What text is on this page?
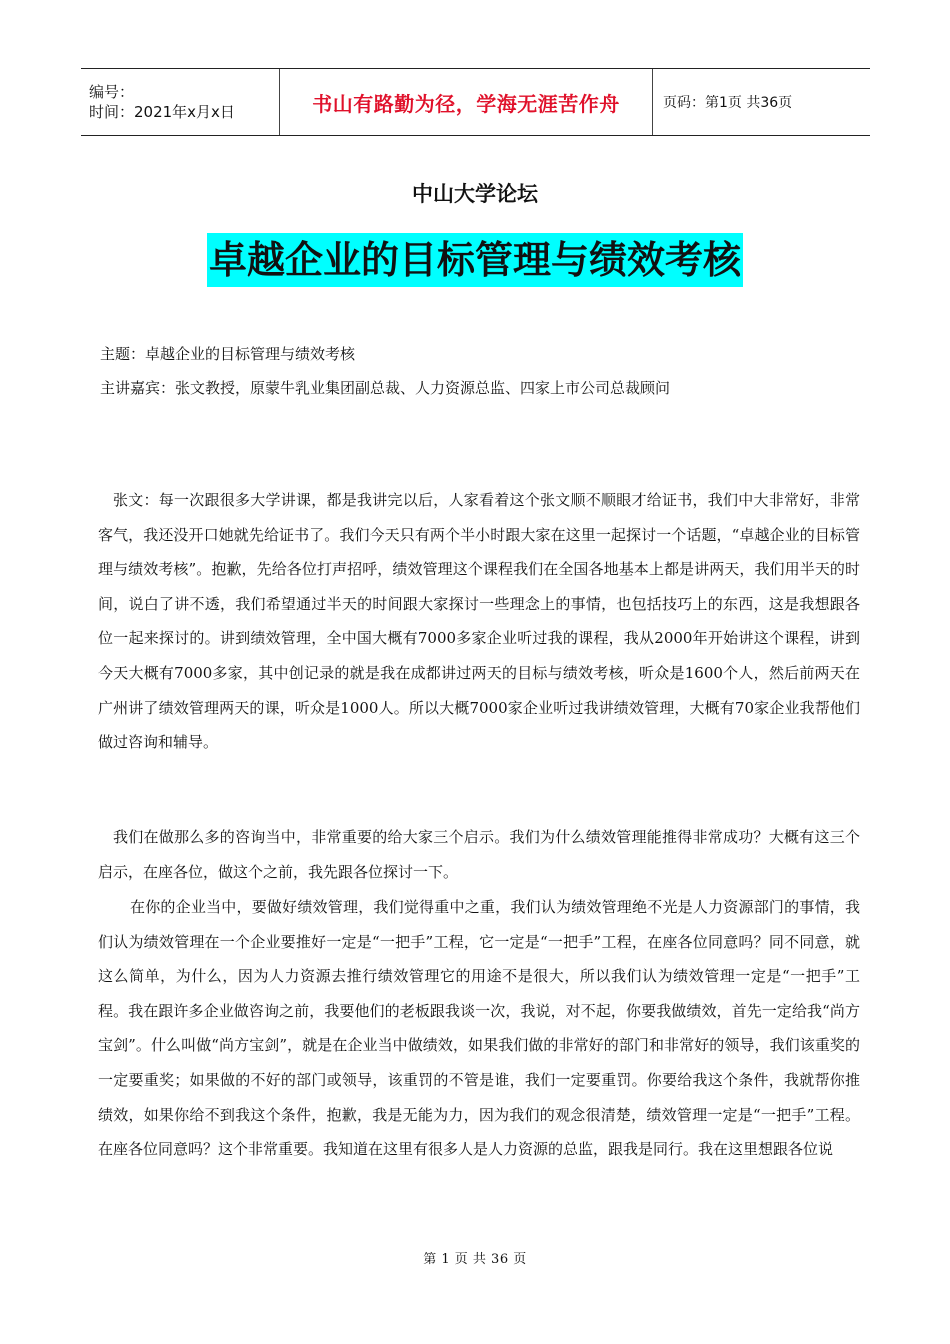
编号：
时间：2021年x月x日	书山有路勤为径，学海无涯苦作舟	页码：第1页 共36页
中山大学论坛
卓越企业的目标管理与绩效考核
主题：卓越企业的目标管理与绩效考核
主讲嘉宾：张文教授，原蒙牛乳业集团副总裁、人力资源总监、四家上市公司总裁顾问

张文：每一次跟很多大学讲课，都是我讲完以后，人家看着这个张文顺不顺眼才给证书，我们中大非常好，非常客气，我还没开口她就先给证书了。我们今天只有两个半小时跟大家在这里一起探讨一个话题，“卓越企业的目标管理与绩效考核”。抱歉，先给各位打声招呼，绩效管理这个课程我们在全国各地基本上都是讲两天，我们用半天的时间，说白了讲不透，我们希望通过半天的时间跟大家探讨一些理念上的事情，也包括技巧上的东西，这是我想跟各位一起来探讨的。讲到绩效管理，全中国大概有7000多家企业听过我的课程，我从2000年开始讲这个课程，讲到今天大概有7000多家，其中创记录的就是我在成都讲过两天的目标与绩效考核，听众是1600个人，然后前两天在广州讲了绩效管理两天的课，听众是1000人。所以大概7000家企业听过我讲绩效管理，大概有70家企业我帮他们做过咨询和辅导。

我们在做那么多的咨询当中，非常重要的给大家三个启示。我们为什么绩效管理能推得非常成功？大概有这三个启示，在座各位，做这个之前，我先跟各位探讨一下。

在你的企业当中，要做好绩效管理，我们觉得重中之重，我们认为绩效管理绝不光是人力资源部门的事情，我们认为绩效管理在一个企业要推好一定是“一把手”工程，它一定是“一把手”工程，在座各位同意吗？同不同意，就这么简单，为什么，因为人力资源去推行绩效管理它的用途不是很大，所以我们认为绩效管理一定是“一把手”工程。我在跟许多企业做咨询之前，我要他们的老板跟我谈一次，我说，对不起，你要我做绩效，首先一定给我“尚方宝剑”。什么叫做“尚方宝剑”，就是在企业当中做绩效，如果我们做的非常好的部门和非常好的领导，我们该重奖的一定要重奖；如果做的不好的部门或领导，该重罚的不管是谁，我们一定要重罚。你要给我这个条件，我就帮你推绩效，如果你给不到我这个条件，抱歉，我是无能为力，因为我们的观念很清楚，绩效管理一定是“一把手”工程。在座各位同意吗？这个非常重要。我知道在这里有很多人是人力资源的总监，跟我是同行。我在这里想跟各位说

第 1 页 共 36 页
